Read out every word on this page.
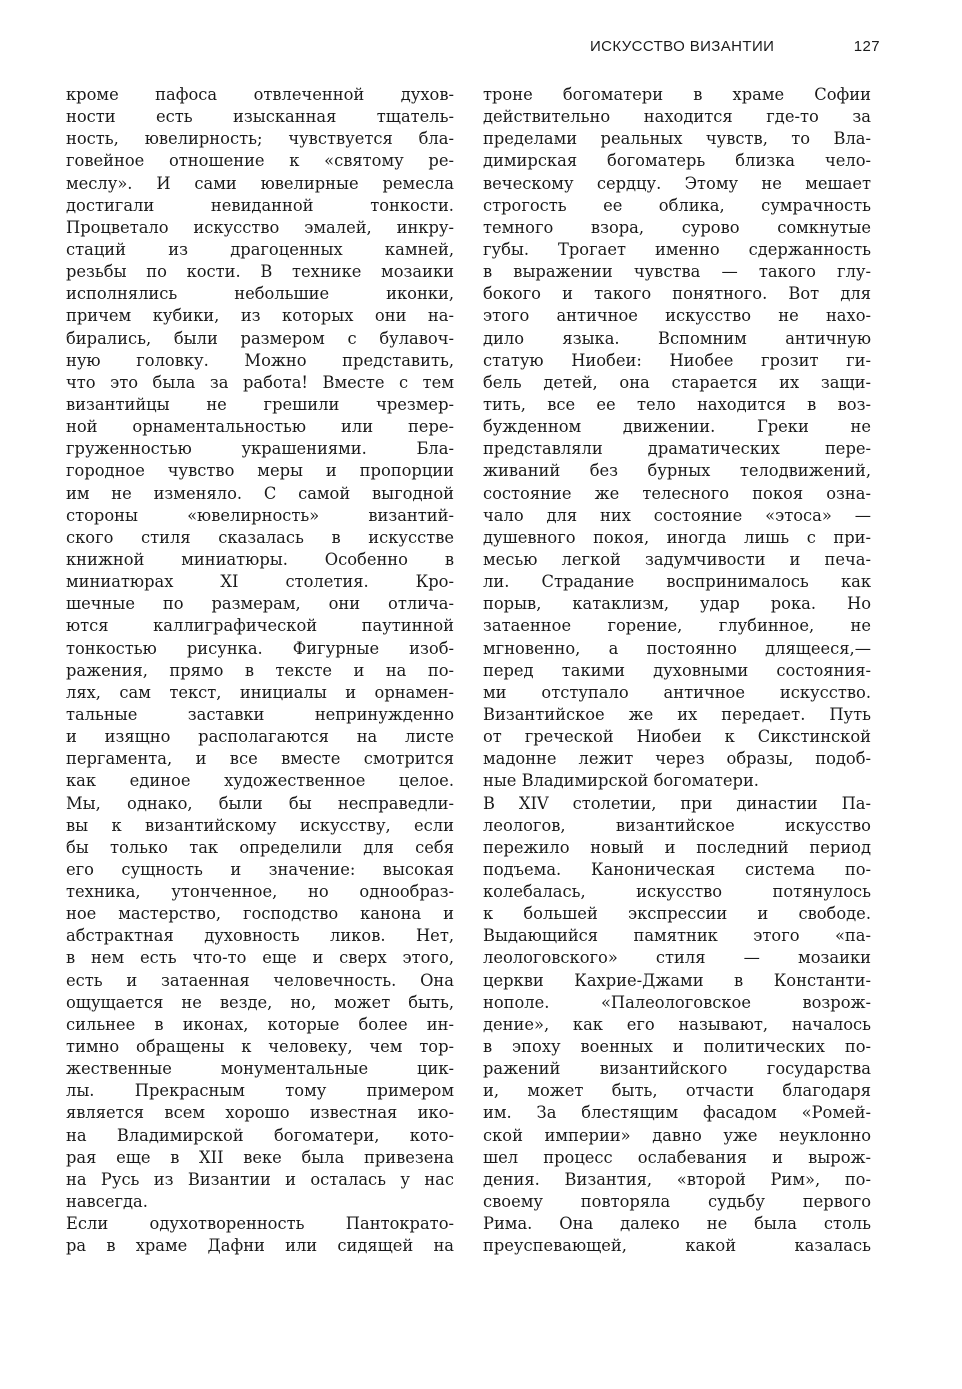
ИСКУССТВО ВИЗАНТИИ	127
кроме пафоса отвлеченной духов-
ности есть изысканная тщатель-
ность, ювелирность; чувствуется бла-
говейное отношение к «святому ре-
меслу». И сами ювелирные ремесла
достигали невиданной тонкости.
Процветало искусство эмалей, инкру-
стаций из драгоценных камней,
резьбы по кости. В технике мозаики
исполнялись небольшие иконки,
причем кубики, из которых они на-
бирались, были размером с булавоч-
ную головку. Можно представить,
что это была за работа! Вместе с тем
византийцы не грешили чрезмер-
ной орнаментальностью или пере-
груженностью украшениями. Бла-
городное чувство меры и пропорции
им не изменяло. С самой выгодной
стороны «ювелирность» византий-
ского стиля сказалась в искусстве
книжной миниатюры. Особенно в
миниатюрах XI столетия. Кро-
шечные по размерам, они отлича-
ются каллиграфической паутинной
тонкостью рисунка. Фигурные изоб-
ражения, прямо в тексте и на по-
лях, сам текст, инициалы и орнамен-
тальные заставки непринужденно
и изящно располагаются на листе
пергамента, и все вместе смотрится
как единое художественное целое.
Мы, однако, были бы несправедли-
вы к византийскому искусству, если
бы только так определили для себя
его сущность и значение: высокая
техника, утонченное, но однообраз-
ное мастерство, господство канона и
абстрактная духовность ликов. Нет,
в нем есть что-то еще и сверх этого,
есть и затаенная человечность. Она
ощущается не везде, но, может быть,
сильнее в иконах, которые более ин-
тимно обращены к человеку, чем тор-
жественные монументальные цик-
лы. Прекрасным тому примером
является всем хорошо известная ико-
на Владимирской богоматери, кото-
рая еще в XII веке была привезена
на Русь из Византии и осталась у нас
навсегда.
Если одухотворенность Пантократо-
ра в храме Дафни или сидящей на
троне богоматери в храме Софии
действительно находится где-то за
пределами реальных чувств, то Вла-
димирская богоматерь близка чело-
веческому сердцу. Этому не мешает
строгость ее облика, сумрачность
темного взора, сурово сомкнутые
губы. Трогает именно сдержанность
в выражении чувства — такого глу-
бокого и такого понятного. Вот для
этого античное искусство не нахо-
дило языка. Вспомним античную
статую Ниобеи: Ниобее грозит ги-
бель детей, она старается их защи-
тить, все ее тело находится в воз-
бужденном движении. Греки не
представляли драматических пере-
живаний без бурных телодвижений,
состояние же телесного покоя озна-
чало для них состояние «этоса» —
душевного покоя, иногда лишь с при-
месью легкой задумчивости и печа-
ли. Страдание воспринималось как
порыв, катаклизм, удар рока. Но
затаенное горение, глубинное, не
мгновенно, а постоянно длящееся,—
перед такими духовными состояния-
ми отступало античное искусство.
Византийское же их передает. Путь
от греческой Ниобеи к Сикстинской
мадонне лежит через образы, подоб-
ные Владимирской богоматери.
В XIV столетии, при династии Па-
леологов, византийское искусство
пережило новый и последний период
подъема. Каноническая система по-
колебалась, искусство потянулось
к большей экспрессии и свободе.
Выдающийся памятник этого «па-
леологовского» стиля — мозаики
церкви Кахрие-Джами в Константи-
нополе. «Палеологовское возрож-
дение», как его называют, началось
в эпоху военных и политических по-
ражений византийского государства
и, может быть, отчасти благодаря
им. За блестящим фасадом «Ромей-
ской империи» давно уже неуклонно
шел процесс ослабевания и вырож-
дения. Византия, «второй Рим», по-
своему повторяла судьбу первого
Рима. Она далеко не была столь
преуспевающей, какой казалась
